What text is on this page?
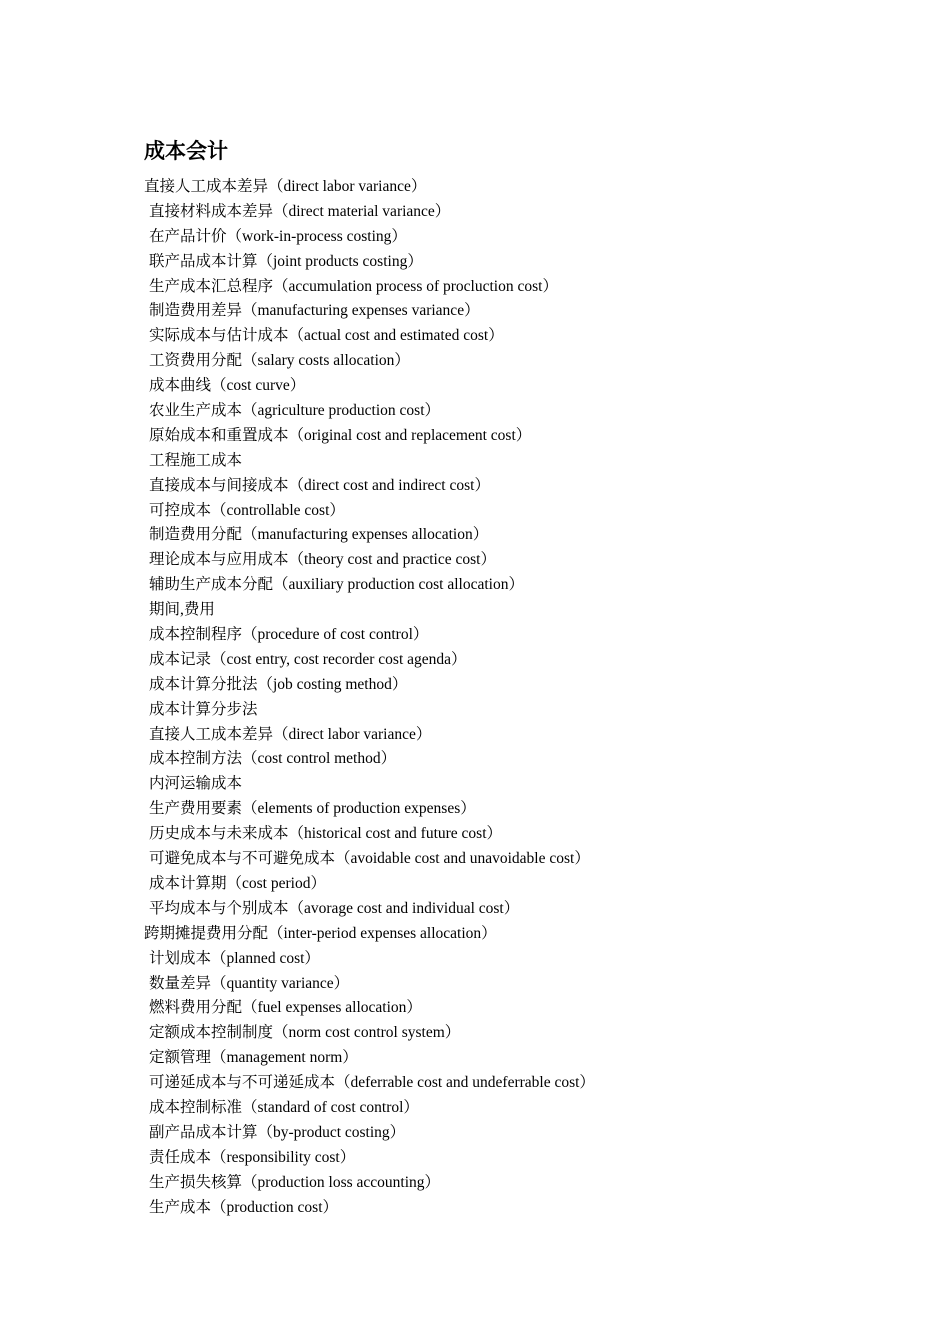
成本会计
直接人工成本差异（direct labor variance）
直接材料成本差异（direct material variance）
在产品计价（work-in-process costing）
联产品成本计算（joint products costing）
生产成本汇总程序（accumulation process of procluction cost）
制造费用差异（manufacturing expenses variance）
实际成本与估计成本（actual cost and estimated cost）
工资费用分配（salary costs allocation）
成本曲线（cost curve）
农业生产成本（agriculture production cost）
原始成本和重置成本（original cost and replacement cost）
工程施工成本
直接成本与间接成本（direct cost and indirect cost）
可控成本（controllable cost）
制造费用分配（manufacturing expenses allocation）
理论成本与应用成本（theory cost and practice cost）
辅助生产成本分配（auxiliary production cost allocation）
期间,费用
成本控制程序（procedure of cost control）
成本记录（cost entry, cost recorder cost agenda）
成本计算分批法（job costing method）
成本计算分步法
直接人工成本差异（direct labor variance）
成本控制方法（cost control method）
内河运输成本
生产费用要素（elements of production expenses）
历史成本与未来成本（historical cost and future cost）
可避免成本与不可避免成本（avoidable cost and unavoidable cost）
成本计算期（cost period）
平均成本与个别成本（avorage cost and individual cost）
跨期摊提费用分配（inter-period expenses allocation）
计划成本（planned cost）
数量差异（quantity variance）
燃料费用分配（fuel expenses allocation）
定额成本控制制度（norm cost control system）
定额管理（management norm）
可递延成本与不可递延成本（deferrable cost and undeferrable cost）
成本控制标准（standard of cost control）
副产品成本计算（by-product costing）
责任成本（responsibility cost）
生产损失核算（production loss accounting）
生产成本（production cost）
